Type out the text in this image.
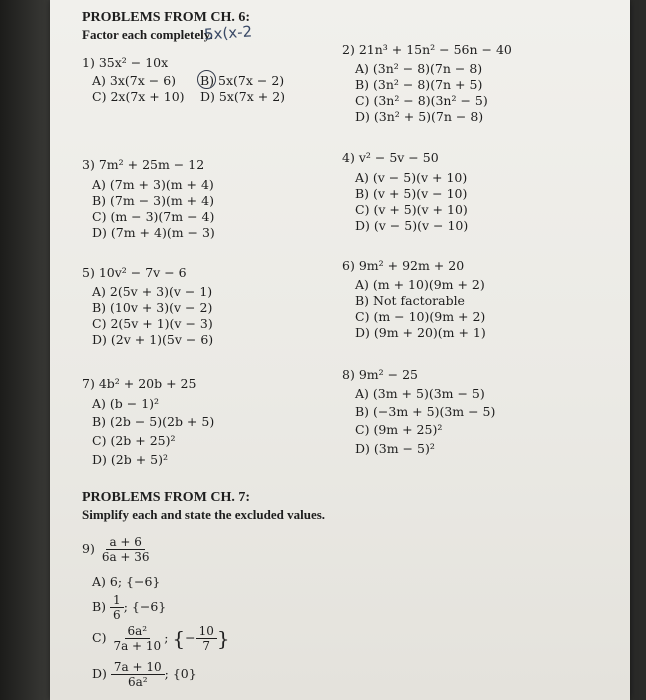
PROBLEMS FROM CH. 6:
Factor each completely.
5x(x-2
1) 35x² − 10x
A) 3x(7x − 6) B) 5x(7x − 2)
C) 2x(7x + 10) D) 5x(7x + 2)
2) 21n³ + 15n² − 56n − 40
A) (3n² − 8)(7n − 8)
B) (3n² − 8)(7n + 5)
C) (3n² − 8)(3n² − 5)
D) (3n² + 5)(7n − 8)
3) 7m² + 25m − 12
A) (7m + 3)(m + 4)
B) (7m − 3)(m + 4)
C) (m − 3)(7m − 4)
D) (7m + 4)(m − 3)
4) v² − 5v − 50
A) (v − 5)(v + 10)
B) (v + 5)(v − 10)
C) (v + 5)(v + 10)
D) (v − 5)(v − 10)
5) 10v² − 7v − 6
A) 2(5v + 3)(v − 1)
B) (10v + 3)(v − 2)
C) 2(5v + 1)(v − 3)
D) (2v + 1)(5v − 6)
6) 9m² + 92m + 20
A) (m + 10)(9m + 2)
B) Not factorable
C) (m − 10)(9m + 2)
D) (9m + 20)(m + 1)
7) 4b² + 20b + 25
A) (b − 1)²
B) (2b − 5)(2b + 5)
C) (2b + 25)²
D) (2b + 5)²
8) 9m² − 25
A) (3m + 5)(3m − 5)
B) (−3m + 5)(3m − 5)
C) (9m + 25)²
D) (3m − 5)²
PROBLEMS FROM CH. 7:
Simplify each and state the excluded values.
$9) \frac{a + 6}{6a + 36}$
A) 6; {−6}
$B) \frac{1}{6}$ ; {−6}
$C) \frac{\text{6a²}}{7a + 10}$ ; {− $\frac{10}{7}$ }
$D) \frac{7a + 10}{\text{6a²}}$ ; {0}
